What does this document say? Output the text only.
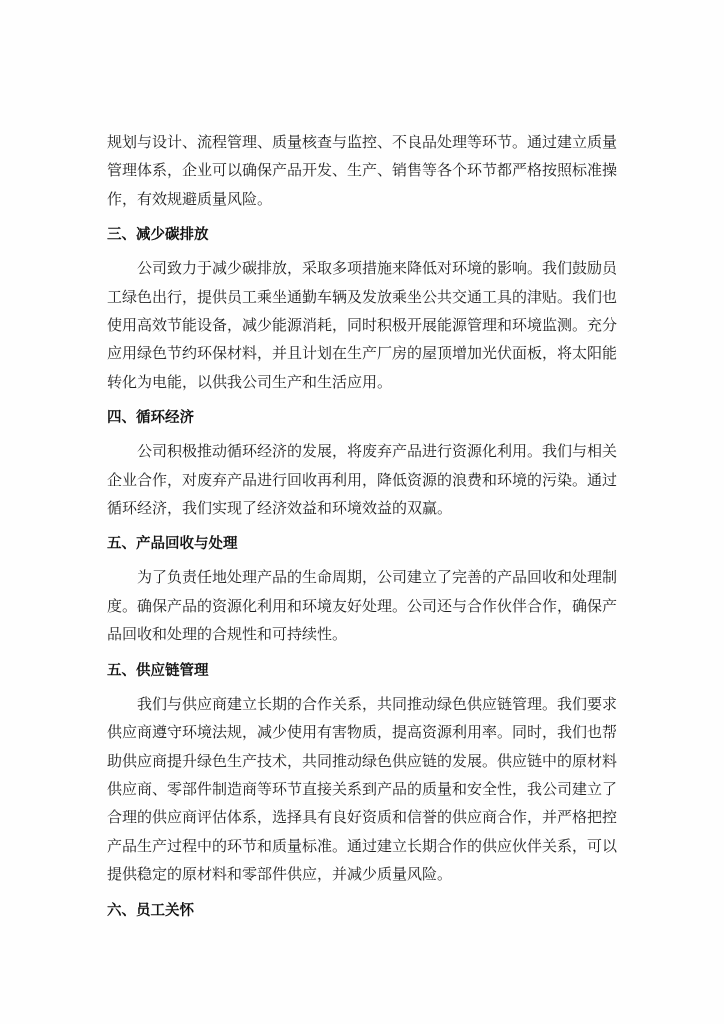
规划与设计、流程管理、质量核查与监控、不良品处理等环节。通过建立质量管理体系，企业可以确保产品开发、生产、销售等各个环节都严格按照标准操作，有效规避质量风险。

三、减少碳排放

公司致力于减少碳排放，采取多项措施来降低对环境的影响。我们鼓励员工绿色出行，提供员工乘坐通勤车辆及发放乘坐公共交通工具的津贴。我们也使用高效节能设备，减少能源消耗，同时积极开展能源管理和环境监测。充分应用绿色节约环保材料，并且计划在生产厂房的屋顶增加光伏面板，将太阳能转化为电能，以供我公司生产和生活应用。

四、循环经济

公司积极推动循环经济的发展，将废弃产品进行资源化利用。我们与相关企业合作，对废弃产品进行回收再利用，降低资源的浪费和环境的污染。通过循环经济，我们实现了经济效益和环境效益的双赢。

五、产品回收与处理

为了负责任地处理产品的生命周期，公司建立了完善的产品回收和处理制度。确保产品的资源化利用和环境友好处理。公司还与合作伙伴合作，确保产品回收和处理的合规性和可持续性。

五、供应链管理

我们与供应商建立长期的合作关系，共同推动绿色供应链管理。我们要求供应商遵守环境法规，减少使用有害物质，提高资源利用率。同时，我们也帮助供应商提升绿色生产技术，共同推动绿色供应链的发展。供应链中的原材料供应商、零部件制造商等环节直接关系到产品的质量和安全性，我公司建立了合理的供应商评估体系，选择具有良好资质和信誉的供应商合作，并严格把控产品生产过程中的环节和质量标准。通过建立长期合作的供应伙伴关系，可以提供稳定的原材料和零部件供应，并减少质量风险。

六、员工关怀
